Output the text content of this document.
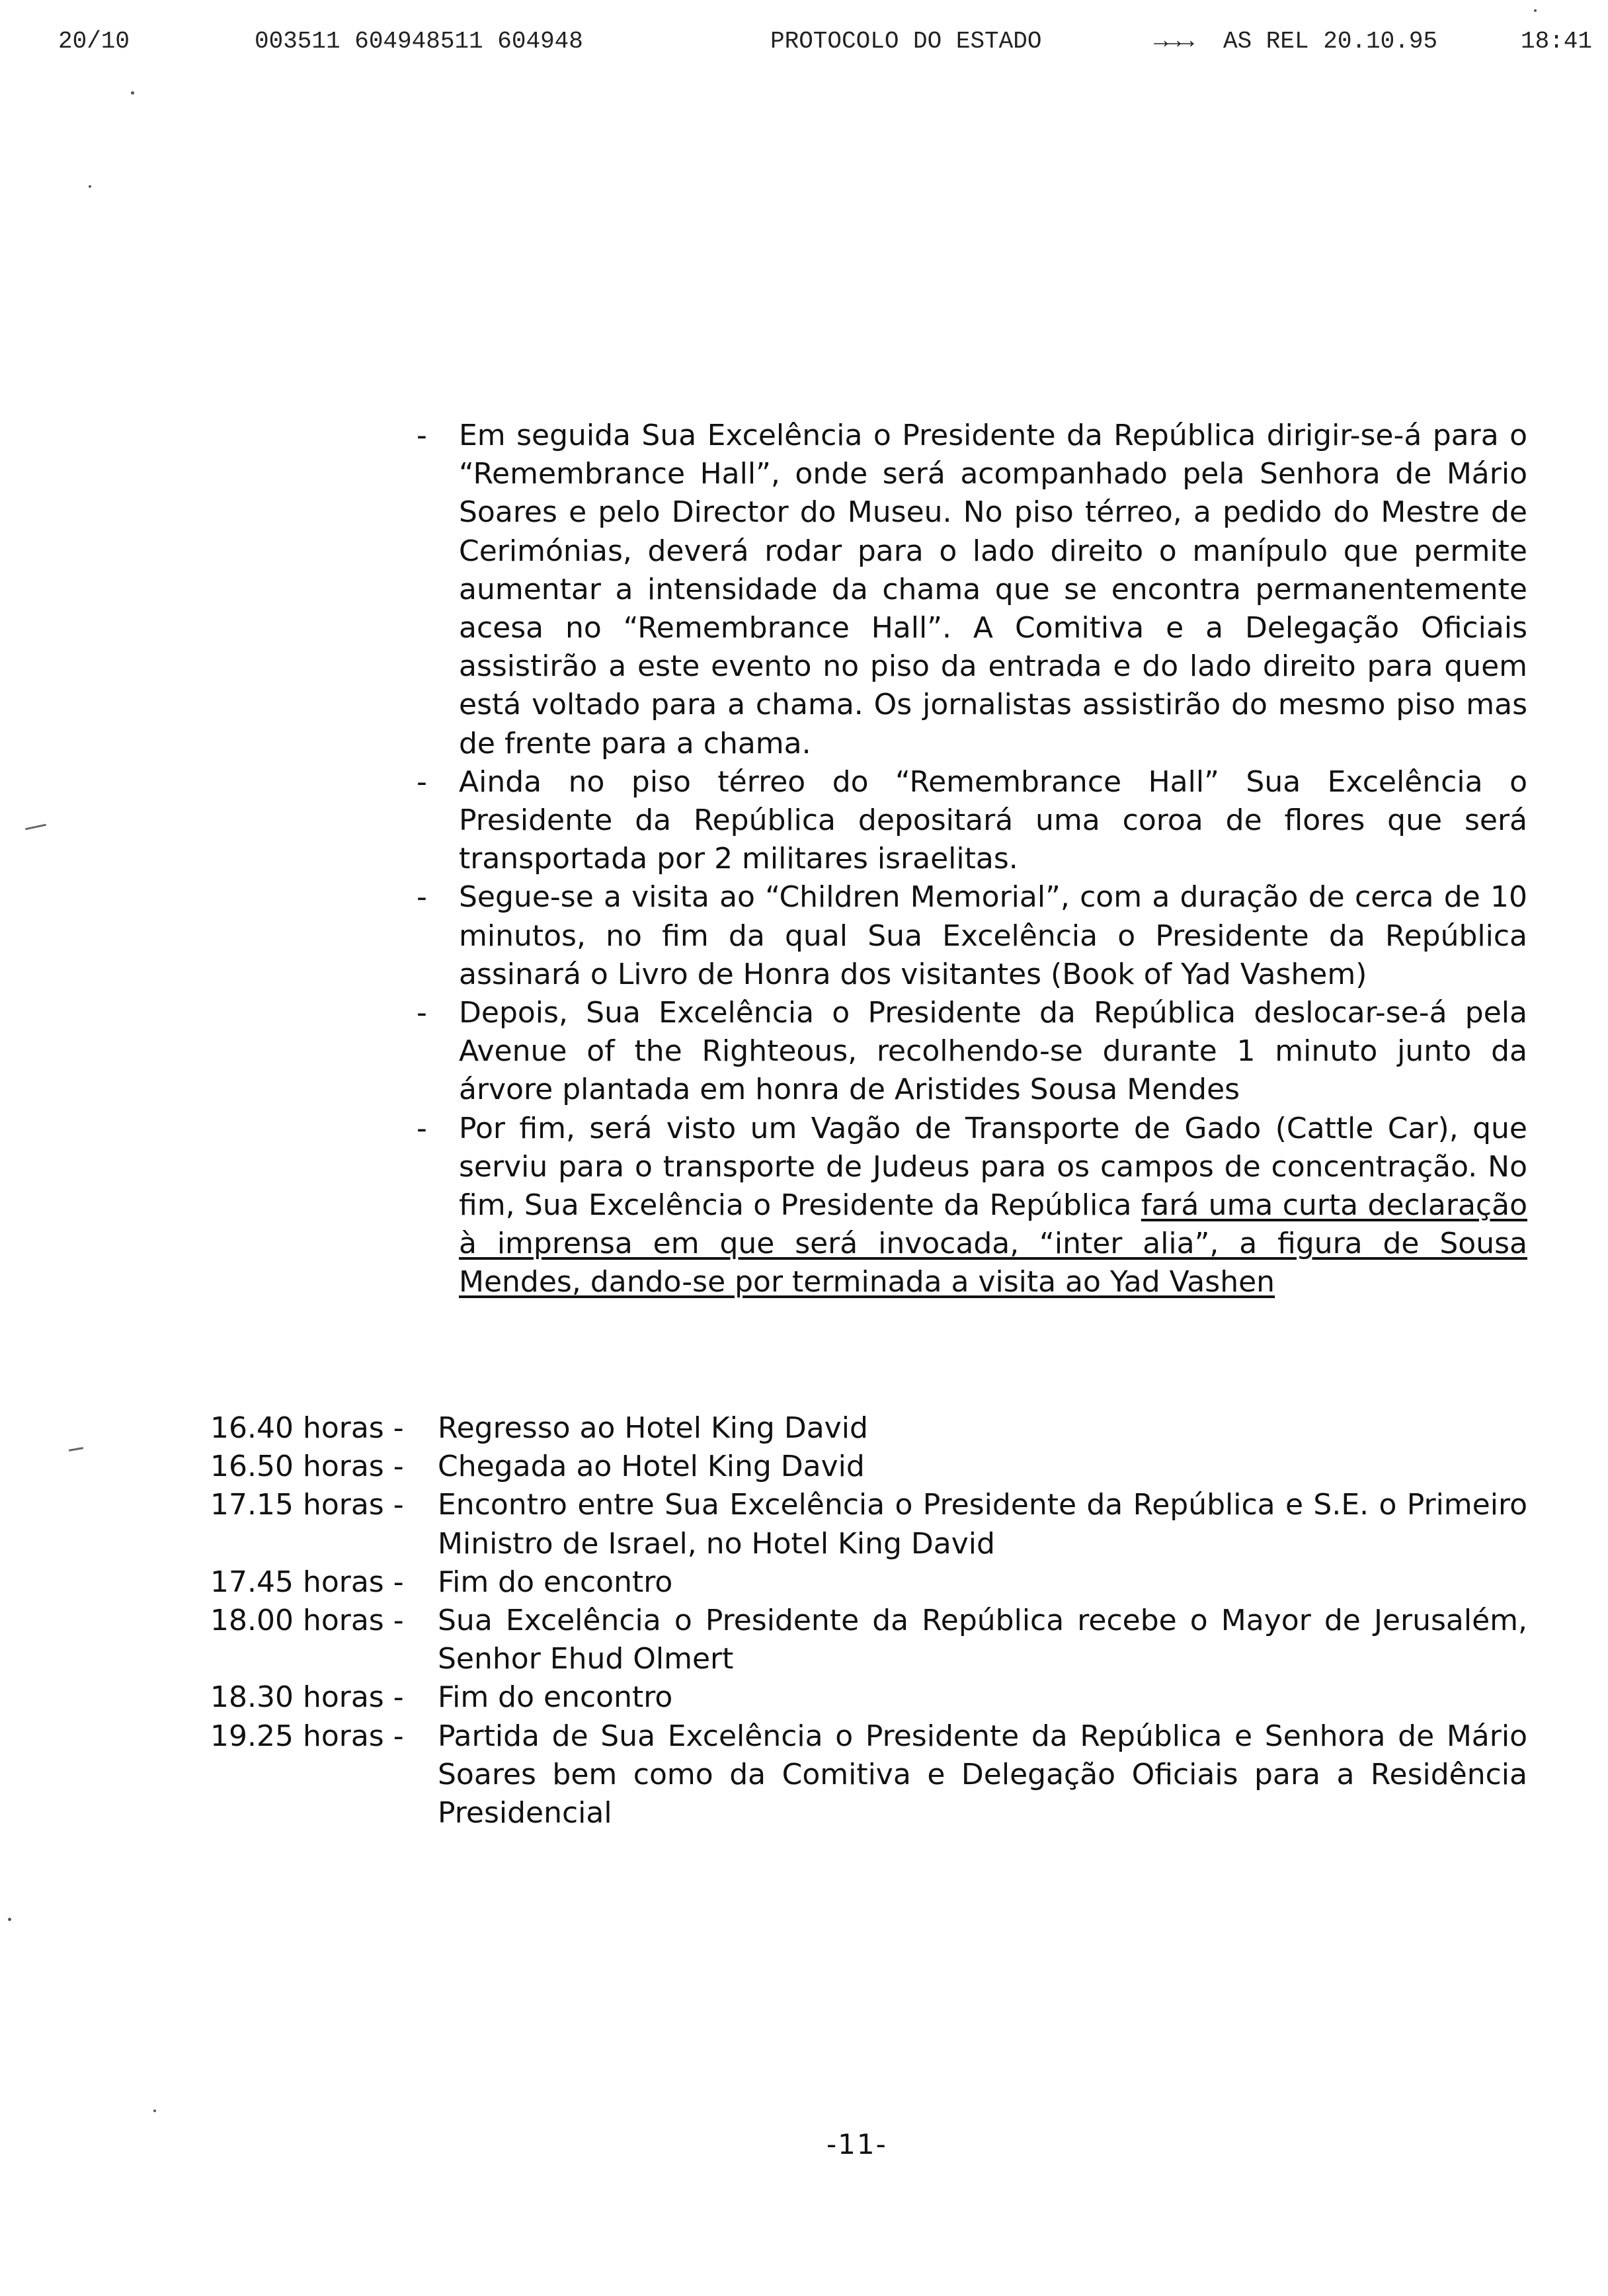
20/10	003511 604948511 604948	PROTOCOLO DO ESTADO	→→→ AS REL 20.10.95	18:41
- Em seguida Sua Excelência o Presidente da República dirigir-se-á para o “Remembrance Hall”, onde será acompanhado pela Senhora de Mário Soares e pelo Director do Museu. No piso térreo, a pedido do Mestre de Cerimónias, deverá rodar para o lado direito o manípulo que permite aumentar a intensidade da chama que se encontra permanentemente acesa no “Remembrance Hall”. A Comitiva e a Delegação Oficiais assistirão a este evento no piso da entrada e do lado direito para quem está voltado para a chama. Os jornalistas assistirão do mesmo piso mas de frente para a chama.
- Ainda no piso térreo do “Remembrance Hall” Sua Excelência o Presidente da República depositará uma coroa de flores que será transportada por 2 militares israelitas.
- Segue-se a visita ao “Children Memorial”, com a duração de cerca de 10 minutos, no fim da qual Sua Excelência o Presidente da República assinará o Livro de Honra dos visitantes (Book of Yad Vashem)
- Depois, Sua Excelência o Presidente da República deslocar-se-á pela Avenue of the Righteous, recolhendo-se durante 1 minuto junto da árvore plantada em honra de Aristides Sousa Mendes
- Por fim, será visto um Vagão de Transporte de Gado (Cattle Car), que serviu para o transporte de Judeus para os campos de concentração. No fim, Sua Excelência o Presidente da República fará uma curta declaração à imprensa em que será invocada, “inter alia”, a figura de Sousa Mendes, dando-se por terminada a visita ao Yad Vashen
16.40 horas -	Regresso ao Hotel King David
16.50 horas -	Chegada ao Hotel King David
17.15 horas -	Encontro entre Sua Excelência o Presidente da República e S.E. o Primeiro Ministro de Israel, no Hotel King David
17.45 horas -	Fim do encontro
18.00 horas -	Sua Excelência o Presidente da República recebe o Mayor de Jerusalém, Senhor Ehud Olmert
18.30 horas -	Fim do encontro
19.25 horas -	Partida de Sua Excelência o Presidente da República e Senhora de Mário Soares bem como da Comitiva e Delegação Oficiais para a Residência Presidencial
-11-
